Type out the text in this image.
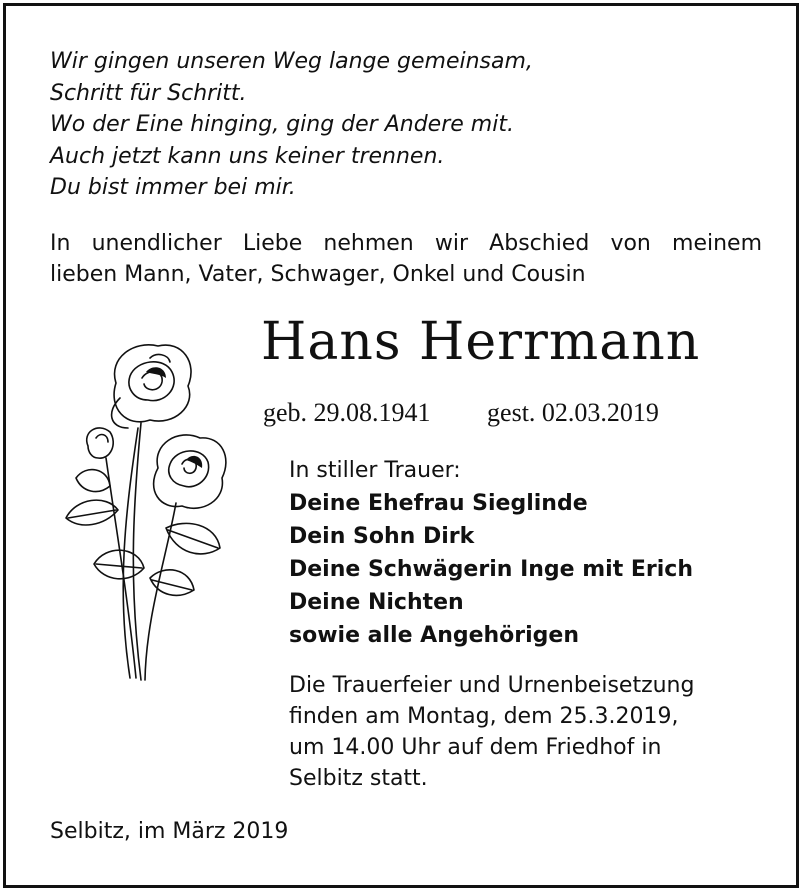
Wir gingen unseren Weg lange gemeinsam,
Schritt für Schritt.
Wo der Eine hinging, ging der Andere mit.
Auch jetzt kann uns keiner trennen.
Du bist immer bei mir.
In unendlicher Liebe nehmen wir Abschied von meinem
lieben Mann, Vater, Schwager, Onkel und Cousin
Hans Herrmann
geb. 29.08.1941 gest. 02.03.2019
In stiller Trauer:
Deine Ehefrau Sieglinde
Dein Sohn Dirk
Deine Schwägerin Inge mit Erich
Deine Nichten
sowie alle Angehörigen
Die Trauerfeier und Urnenbeisetzung
finden am Montag, dem 25.3.2019,
um 14.00 Uhr auf dem Friedhof in
Selbitz statt.
Selbitz, im März 2019
